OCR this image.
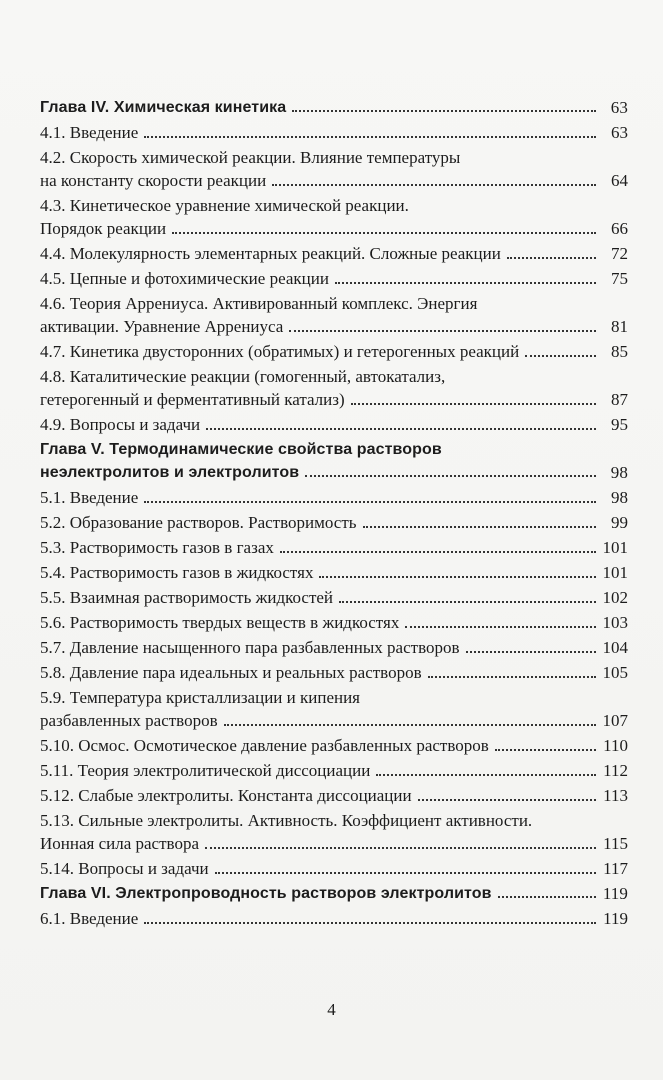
Глава IV. Химическая кинетика	63
4.1. Введение	63
4.2. Скорость химической реакции. Влияние температуры
на константу скорости реакции	64
4.3. Кинетическое уравнение химической реакции.
Порядок реакции	66
4.4. Молекулярность элементарных реакций. Сложные реакции	72
4.5. Цепные и фотохимические реакции	75
4.6. Теория Аррениуса. Активированный комплекс. Энергия
активации. Уравнение Аррениуса	81
4.7. Кинетика двусторонних (обратимых) и гетерогенных реакций	85
4.8. Каталитические реакции (гомогенный, автокатализ,
гетерогенный и ферментативный катализ)	87
4.9. Вопросы и задачи	95
Глава V. Термодинамические свойства растворов
неэлектролитов и электролитов	98
5.1. Введение	98
5.2. Образование растворов. Растворимость	99
5.3. Растворимость газов в газах	101
5.4. Растворимость газов в жидкостях	101
5.5. Взаимная растворимость жидкостей	102
5.6. Растворимость твердых веществ в жидкостях	103
5.7. Давление насыщенного пара разбавленных растворов	104
5.8. Давление пара идеальных и реальных растворов	105
5.9. Температура кристаллизации и кипения
разбавленных растворов	107
5.10. Осмос. Осмотическое давление разбавленных растворов	110
5.11. Теория электролитической диссоциации	112
5.12. Слабые электролиты. Константа диссоциации	113
5.13. Сильные электролиты. Активность. Коэффициент активности.
Ионная сила раствора	115
5.14. Вопросы и задачи	117
Глава VI. Электропроводность растворов электролитов	119
6.1. Введение	119
4
